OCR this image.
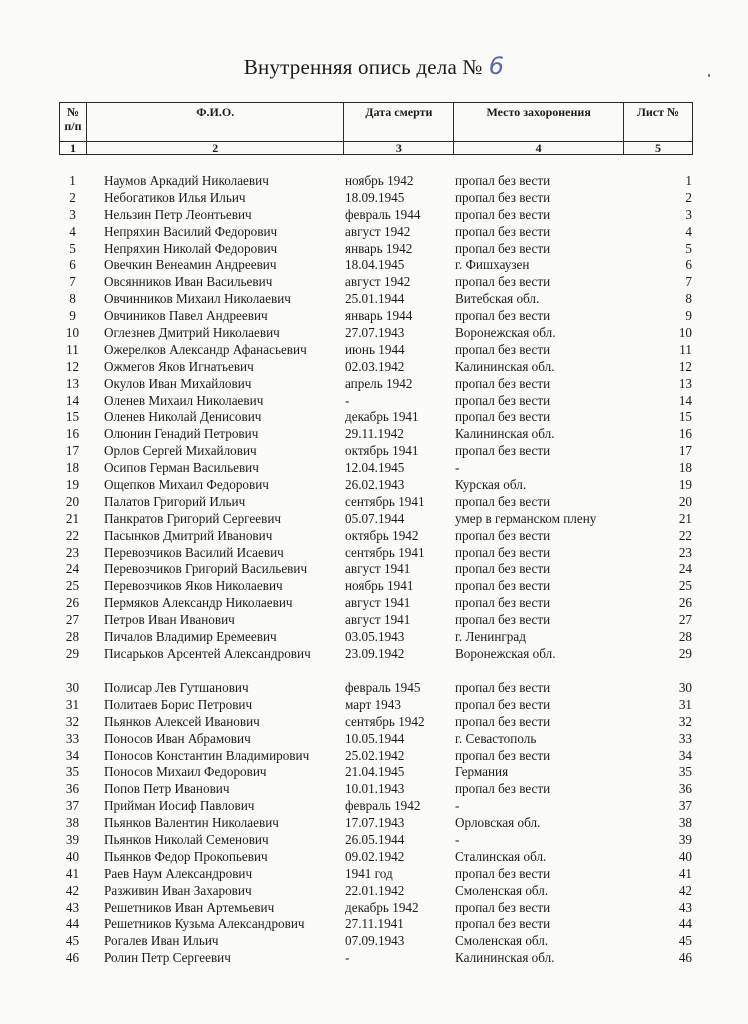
Внутренняя опись дела № 6
№ п/п	Ф.И.О.	Дата смерти	Место захоронения	Лист №
1	2	3	4	5
1	Наумов Аркадий Николаевич	ноябрь 1942	пропал без вести	1
2	Небогатиков Илья Ильич	18.09.1945	пропал без вести	2
3	Нельзин Петр Леонтьевич	февраль 1944	пропал без вести	3
4	Непряхин Василий Федорович	август 1942	пропал без вести	4
5	Непряхин Николай Федорович	январь 1942	пропал без вести	5
6	Овечкин Венеамин Андреевич	18.04.1945	г. Фишхаузен	6
7	Овсянников Иван Васильевич	август 1942	пропал без вести	7
8	Овчинников Михаил Николаевич	25.01.1944	Витебская обл.	8
9	Овчиников Павел Андреевич	январь 1944	пропал без вести	9
10	Оглезнев Дмитрий Николаевич	27.07.1943	Воронежская обл.	10
11	Ожерелков Александр Афанасьевич	июнь 1944	пропал без вести	11
12	Ожмегов Яков Игнатьевич	02.03.1942	Калининская обл.	12
13	Окулов Иван Михайлович	апрель 1942	пропал без вести	13
14	Оленев Михаил Николаевич	-	пропал без вести	14
15	Оленев Николай Денисович	декабрь 1941	пропал без вести	15
16	Олюнин Генадий Петрович	29.11.1942	Калининская обл.	16
17	Орлов Сергей Михайлович	октябрь 1941	пропал без вести	17
18	Осипов Герман Васильевич	12.04.1945	-	18
19	Ощепков Михаил Федорович	26.02.1943	Курская обл.	19
20	Палатов Григорий Ильич	сентябрь 1941	пропал без вести	20
21	Панкратов Григорий Сергеевич	05.07.1944	умер в германском плену	21
22	Пасынков Дмитрий Иванович	октябрь 1942	пропал без вести	22
23	Перевозчиков Василий Исаевич	сентябрь 1941	пропал без вести	23
24	Перевозчиков Григорий Васильевич	август 1941	пропал без вести	24
25	Перевозчиков Яков Николаевич	ноябрь 1941	пропал без вести	25
26	Пермяков Александр Николаевич	август 1941	пропал без вести	26
27	Петров Иван Иванович	август 1941	пропал без вести	27
28	Пичалов Владимир Еремеевич	03.05.1943	г. Ленинград	28
29	Писарьков Арсентей Александрович	23.09.1942	Воронежская обл.	29
30	Полисар Лев Гутшанович	февраль 1945	пропал без вести	30
31	Политаев Борис Петрович	март 1943	пропал без вести	31
32	Пьянков Алексей Иванович	сентябрь 1942	пропал без вести	32
33	Поносов Иван Абрамович	10.05.1944	г. Севастополь	33
34	Поносов Константин Владимирович	25.02.1942	пропал без вести	34
35	Поносов Михаил Федорович	21.04.1945	Германия	35
36	Попов Петр Иванович	10.01.1943	пропал без вести	36
37	Прийман Иосиф Павлович	февраль 1942	-	37
38	Пьянков Валентин Николаевич	17.07.1943	Орловская обл.	38
39	Пьянков Николай Семенович	26.05.1944	-	39
40	Пьянков Федор Прокопьевич	09.02.1942	Сталинская обл.	40
41	Раев Наум Александрович	1941 год	пропал без вести	41
42	Разживин Иван Захарович	22.01.1942	Смоленская обл.	42
43	Решетников Иван Артемьевич	декабрь 1942	пропал без вести	43
44	Решетников Кузьма Александрович	27.11.1941	пропал без вести	44
45	Рогалев Иван Ильич	07.09.1943	Смоленская обл.	45
46	Ролин Петр Сергеевич	-	Калининская обл.	46
